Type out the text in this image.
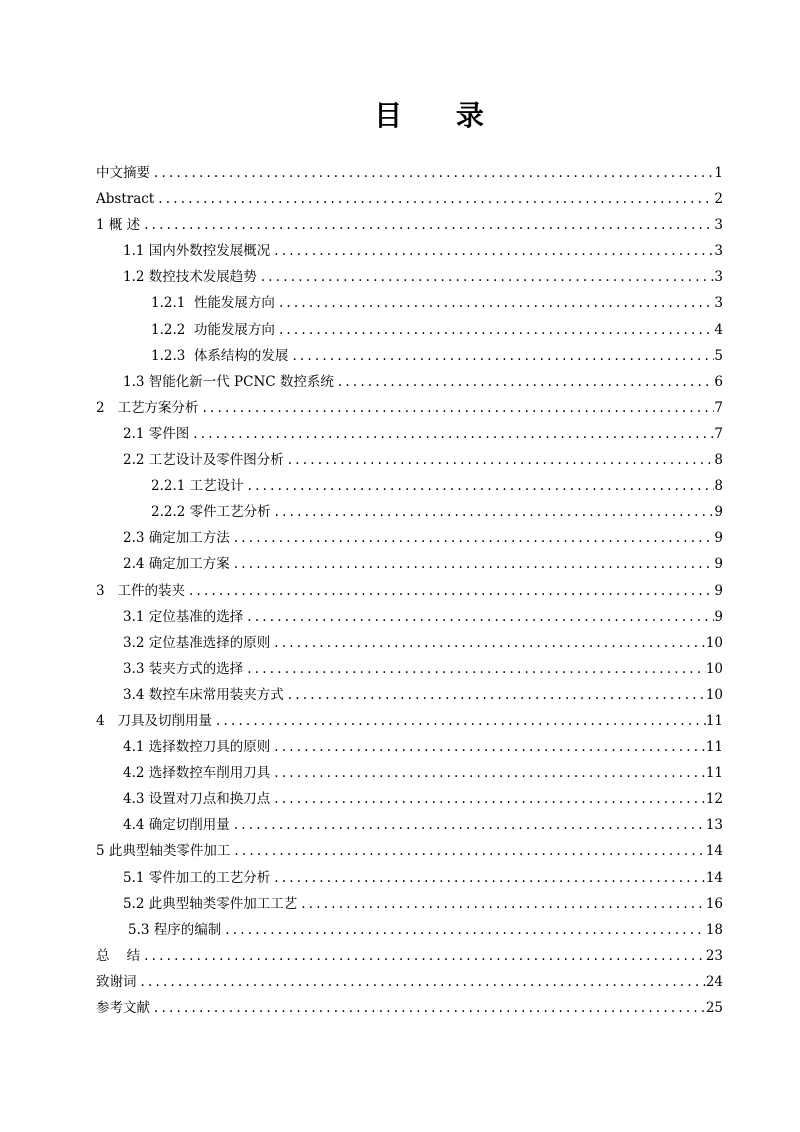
目 录
中文摘要 .....	1
Abstract .....	2
1 概 述 .....	3
1.1 国内外数控发展概况 .....	3
1.2 数控技术发展趋势 .....	3
1.2.1  性能发展方向 .....	3
1.2.2  功能发展方向 .....	4
1.2.3  体系结构的发展 .....	5
1.3 智能化新一代 PCNC 数控系统 .....	6
2   工艺方案分析 .....	7
2.1 零件图 .....	7
2.2 工艺设计及零件图分析 .....	8
2.2.1 工艺设计 .....	8
2.2.2 零件工艺分析 .....	9
2.3 确定加工方法 .....	9
2.4 确定加工方案 .....	9
3   工件的装夹 .....	9
3.1 定位基准的选择 .....	9
3.2 定位基准选择的原则 .....	10
3.3 装夹方式的选择 .....	10
3.4 数控车床常用装夹方式 .....	10
4   刀具及切削用量 .....	11
4.1 选择数控刀具的原则 .....	11
4.2 选择数控车削用刀具 .....	11
4.3 设置对刀点和换刀点 .....	12
4.4 确定切削用量 .....	13
5 此典型轴类零件加工 .....	14
5.1 零件加工的工艺分析 .....	14
5.2 此典型轴类零件加工工艺 .....	16
5.3 程序的编制 .....	18
总    结 .....	23
致谢词 .....	24
参考文献 .....	25
